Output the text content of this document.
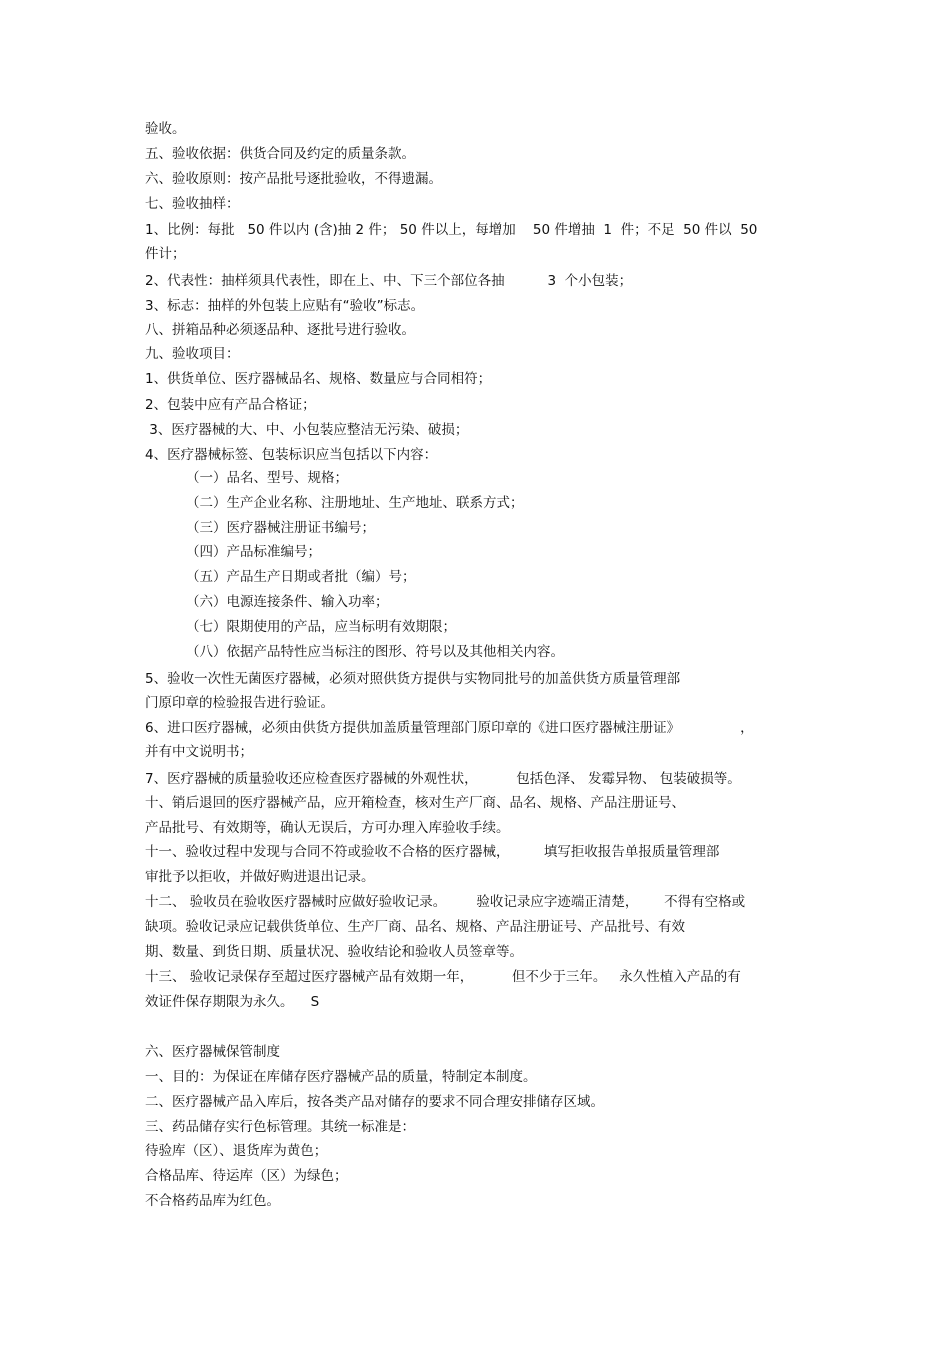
验收。
五、验收依据：供货合同及约定的质量条款。
六、验收原则：按产品批号逐批验收，不得遗漏。
七、验收抽样：
1、比例：每批   50 件以内 (含)抽 2 件； 50 件以上，每增加    50 件增抽  1  件；不足  50 件以  50
件计；
2、代表性：抽样须具代表性，即在上、中、下三个部位各抽          3  个小包装；
3、标志：抽样的外包装上应贴有“验收”标志。
八、拼箱品种必须逐品种、逐批号进行验收。
九、验收项目：
1、供货单位、医疗器械品名、规格、数量应与合同相符；
2、包装中应有产品合格证；
3、医疗器械的大、中、小包装应整洁无污染、破损；
4、医疗器械标签、包装标识应当包括以下内容：
（一）品名、型号、规格；
（二）生产企业名称、注册地址、生产地址、联系方式；
（三）医疗器械注册证书编号；
（四）产品标准编号；
（五）产品生产日期或者批（编）号；
（六）电源连接条件、输入功率；
（七）限期使用的产品，应当标明有效期限；
（八）依据产品特性应当标注的图形、符号以及其他相关内容。
5、验收一次性无菌医疗器械，必须对照供货方提供与实物同批号的加盖供货方质量管理部
门原印章的检验报告进行验证。
6、进口医疗器械，必须由供货方提供加盖质量管理部门原印章的《进口医疗器械注册证》              ，
并有中文说明书；
7、医疗器械的质量验收还应检查医疗器械的外观性状，         包括色泽、 发霉异物、 包装破损等。
十、销后退回的医疗器械产品，应开箱检查，核对生产厂商、品名、规格、产品注册证号、
产品批号、有效期等，确认无误后，方可办理入库验收手续。
十一、验收过程中发现与合同不符或验收不合格的医疗器械，        填写拒收报告单报质量管理部
审批予以拒收，并做好购进退出记录。
十二、 验收员在验收医疗器械时应做好验收记录。       验收记录应字迹端正清楚，      不得有空格或
缺项。验收记录应记载供货单位、生产厂商、品名、规格、产品注册证号、产品批号、有效
期、数量、到货日期、质量状况、验收结论和验收人员签章等。
十三、 验收记录保存至超过医疗器械产品有效期一年，         但不少于三年。   永久性植入产品的有
效证件保存期限为永久。    S
六、医疗器械保管制度
一、目的：为保证在库储存医疗器械产品的质量，特制定本制度。
二、医疗器械产品入库后，按各类产品对储存的要求不同合理安排储存区域。
三、药品储存实行色标管理。其统一标准是：
待验库（区）、退货库为黄色；
合格品库、待运库（区）为绿色；
不合格药品库为红色。
